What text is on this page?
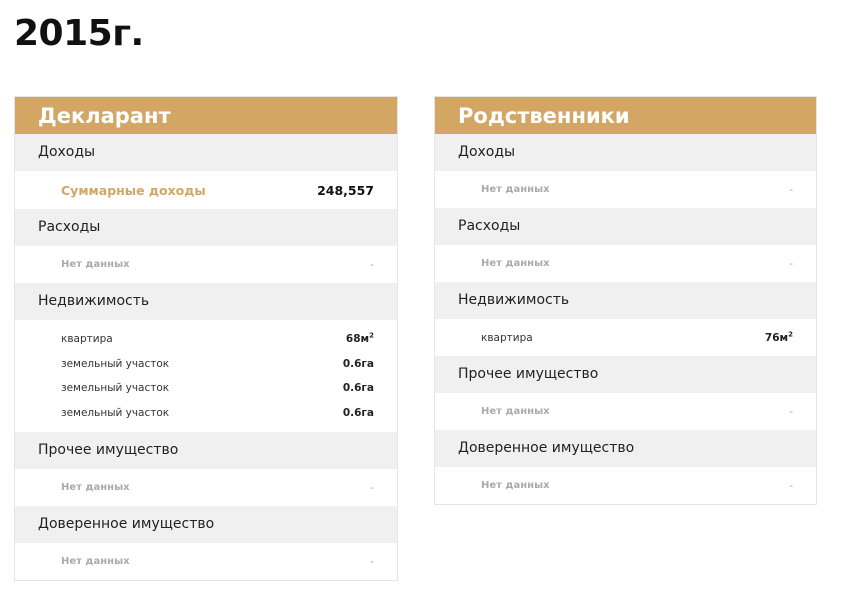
2015г.
Декларант
Доходы
Суммарные доходы	248,557
Расходы
Нет данных	-
Недвижимость
квартира	$68м^2$
земельный участок	0.6га
земельный участок	0.6га
земельный участок	0.6га
Прочее имущество
Нет данных	-
Доверенное имущество
Нет данных	-
Родственники
Доходы
Нет данных	-
Расходы
Нет данных	-
Недвижимость
квартира	$76м^2$
Прочее имущество
Нет данных	-
Доверенное имущество
Нет данных	-
